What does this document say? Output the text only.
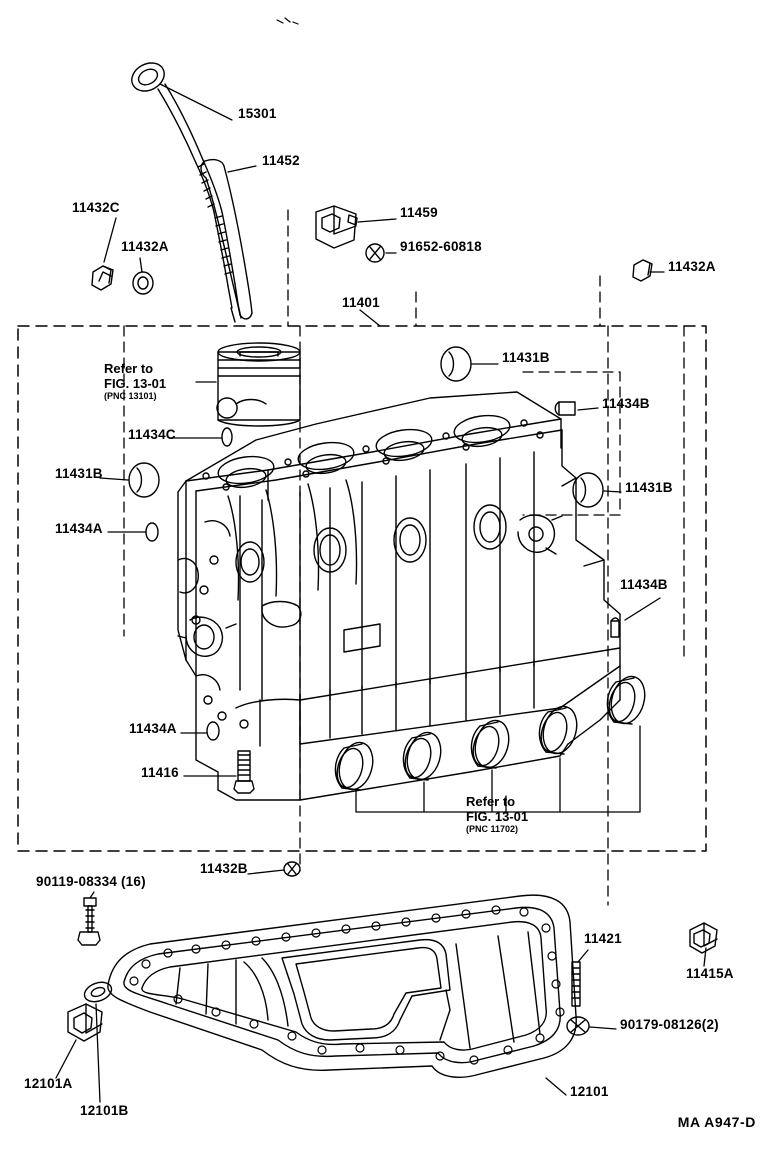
15301
11452
11432C	11459
11432A	91652-60818
11432A
11401
11431B
11434B
11434C
11431B
11431B
11434A
11434B
11434A
11416
11432B
90119-08334 (16)
11421
11415A
90179-08126(2)
12101
12101A
12101B
Refer to
FIG. 13-01
(PNC 13101)
Refer to
FIG. 13-01
(PNC 11702)
MA A947-D
